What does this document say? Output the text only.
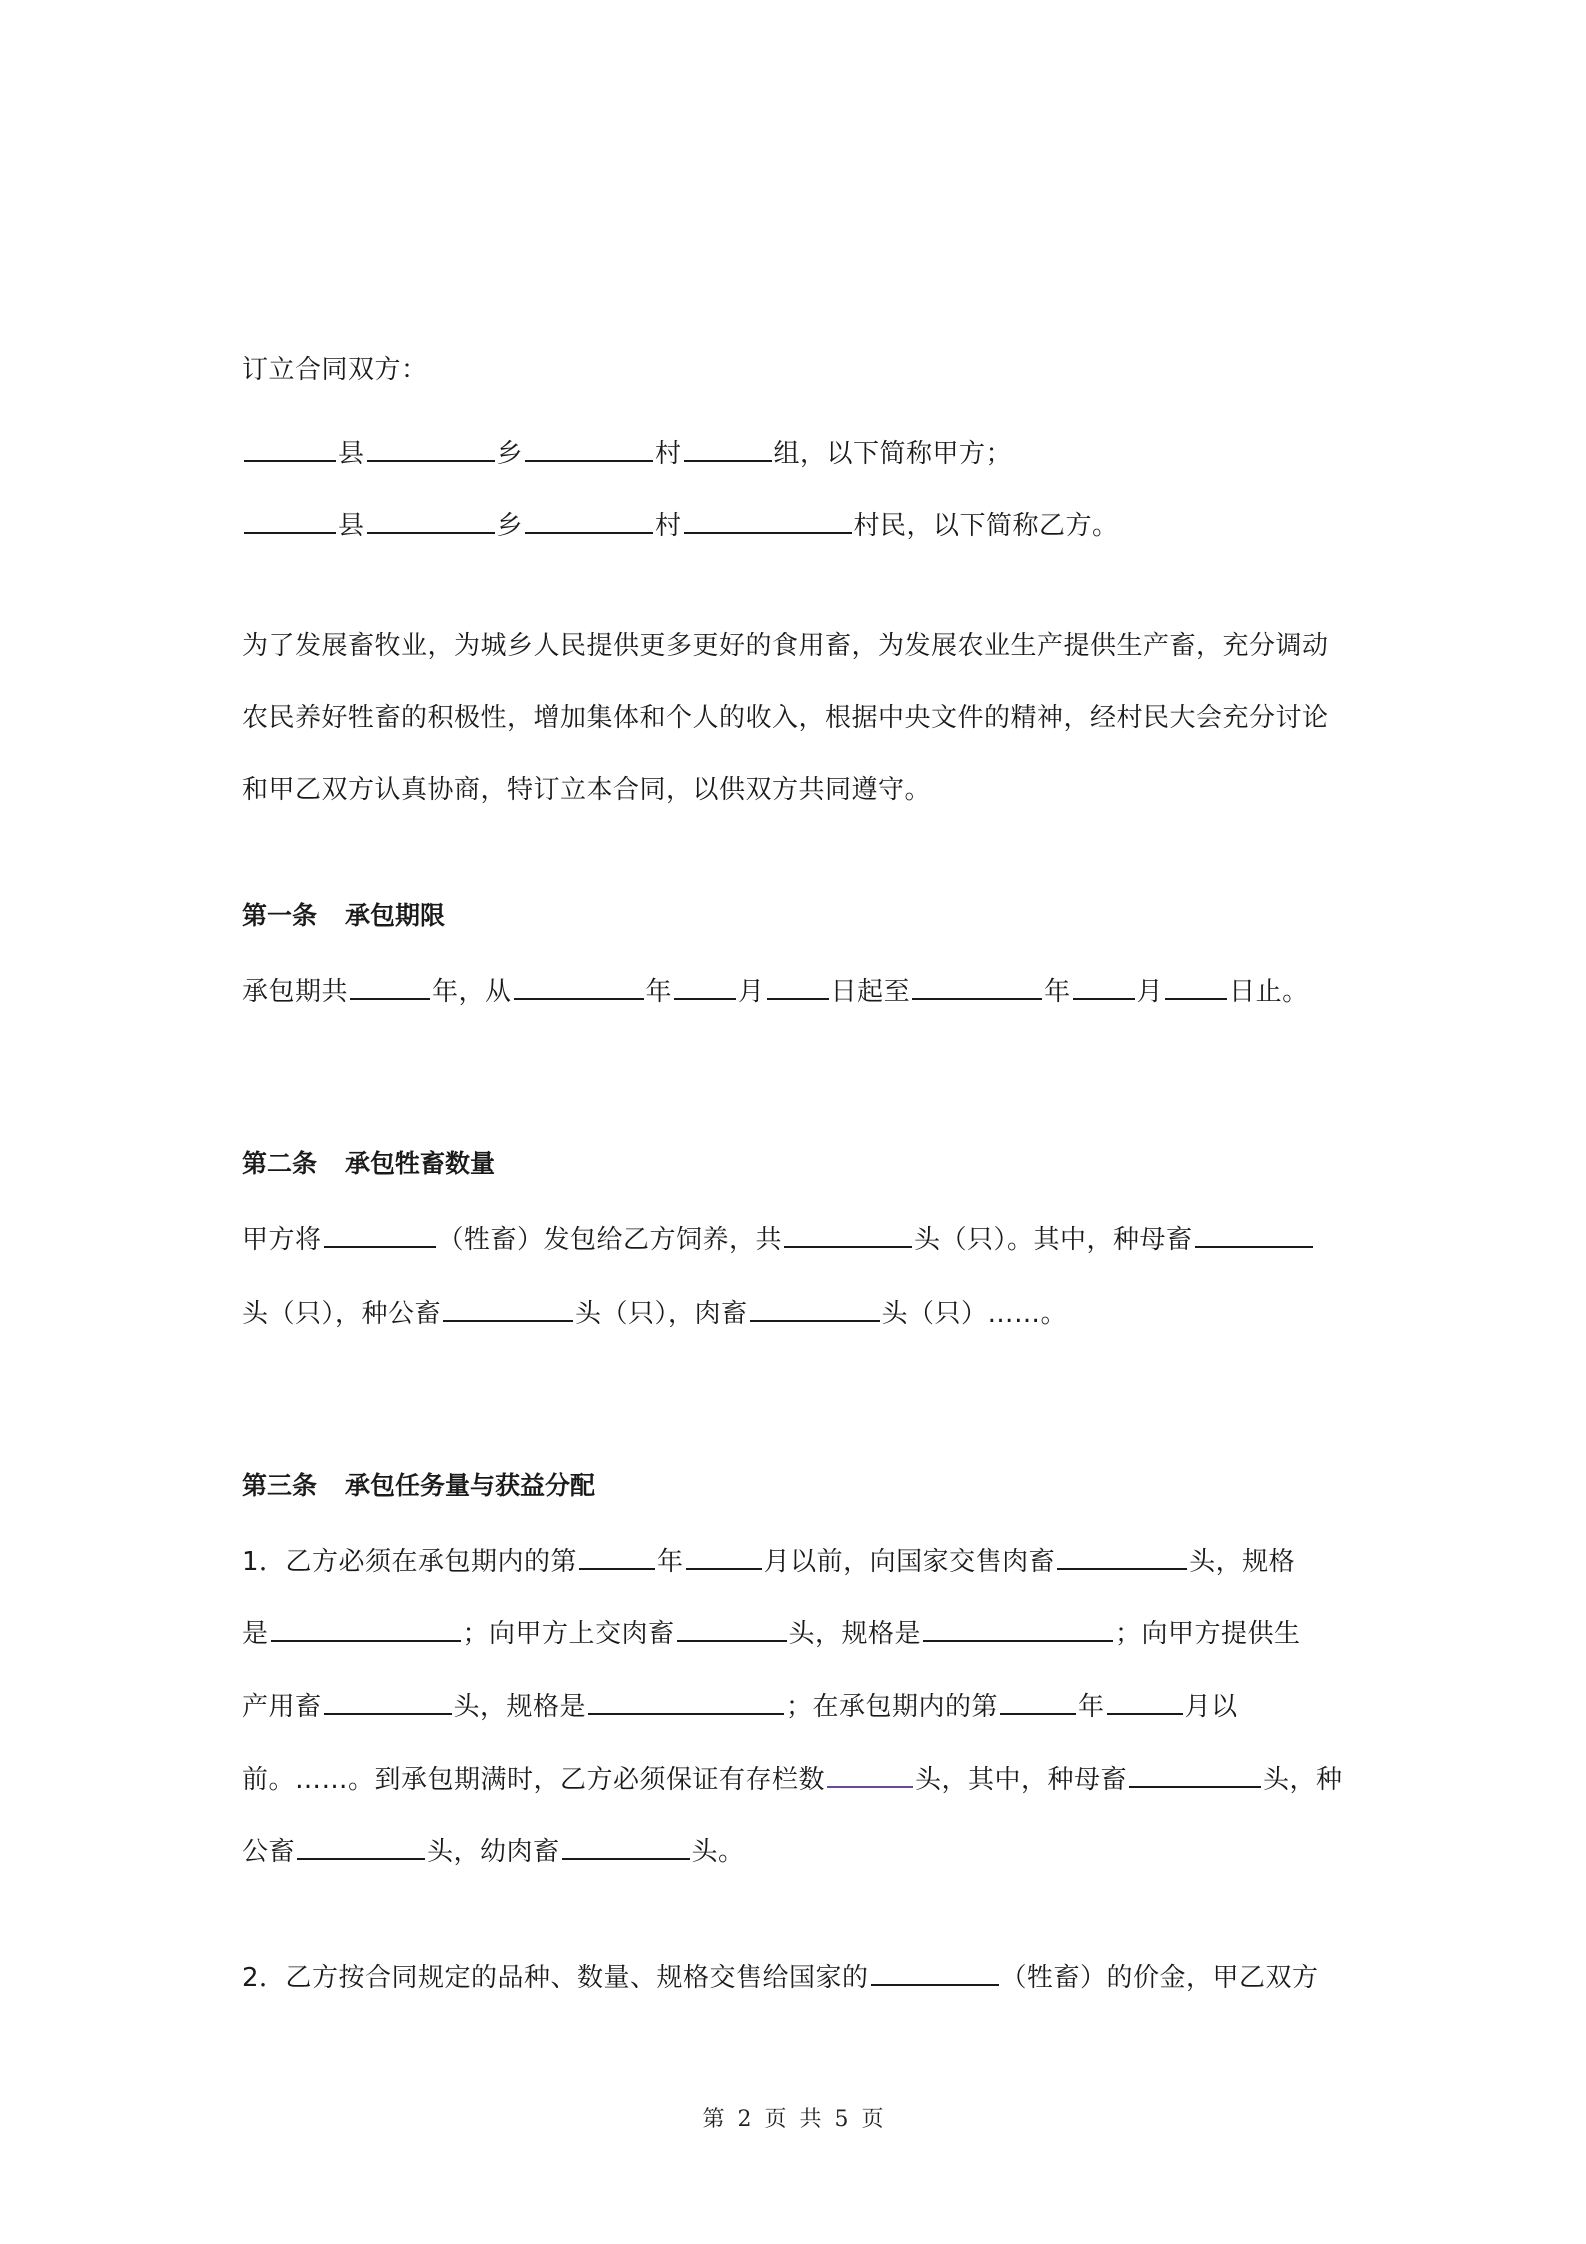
订立合同双方：
县	乡	村	组，以下简称甲方；
县	乡	村	村民，以下简称乙方。
为了发展畜牧业，为城乡人民提供更多更好的食用畜，为发展农业生产提供生产畜，充分调动
农民养好牲畜的积极性，增加集体和个人的收入，根据中央文件的精神，经村民大会充分讨论
和甲乙双方认真协商，特订立本合同，以供双方共同遵守。
第一条 承包期限
承包期共	年，从	年	月	日起至	年	月	日止。
第二条 承包牲畜数量
甲方将	（牲畜）发包给乙方饲养，共	头（只）。其中，种母畜
头（只），种公畜	头（只），肉畜	头（只）……。
第三条 承包任务量与获益分配
1．乙方必须在承包期内的第	年	月以前，向国家交售肉畜	头，规格
是	；向甲方上交肉畜	头，规格是	；向甲方提供生
产用畜	头，规格是	；在承包期内的第	年	月以
前。……。到承包期满时，乙方必须保证有存栏数	头，其中，种母畜	头，种
公畜	头，幼肉畜	头。
2．乙方按合同规定的品种、数量、规格交售给国家的	（牲畜）的价金，甲乙双方
第 2 页 共 5 页
